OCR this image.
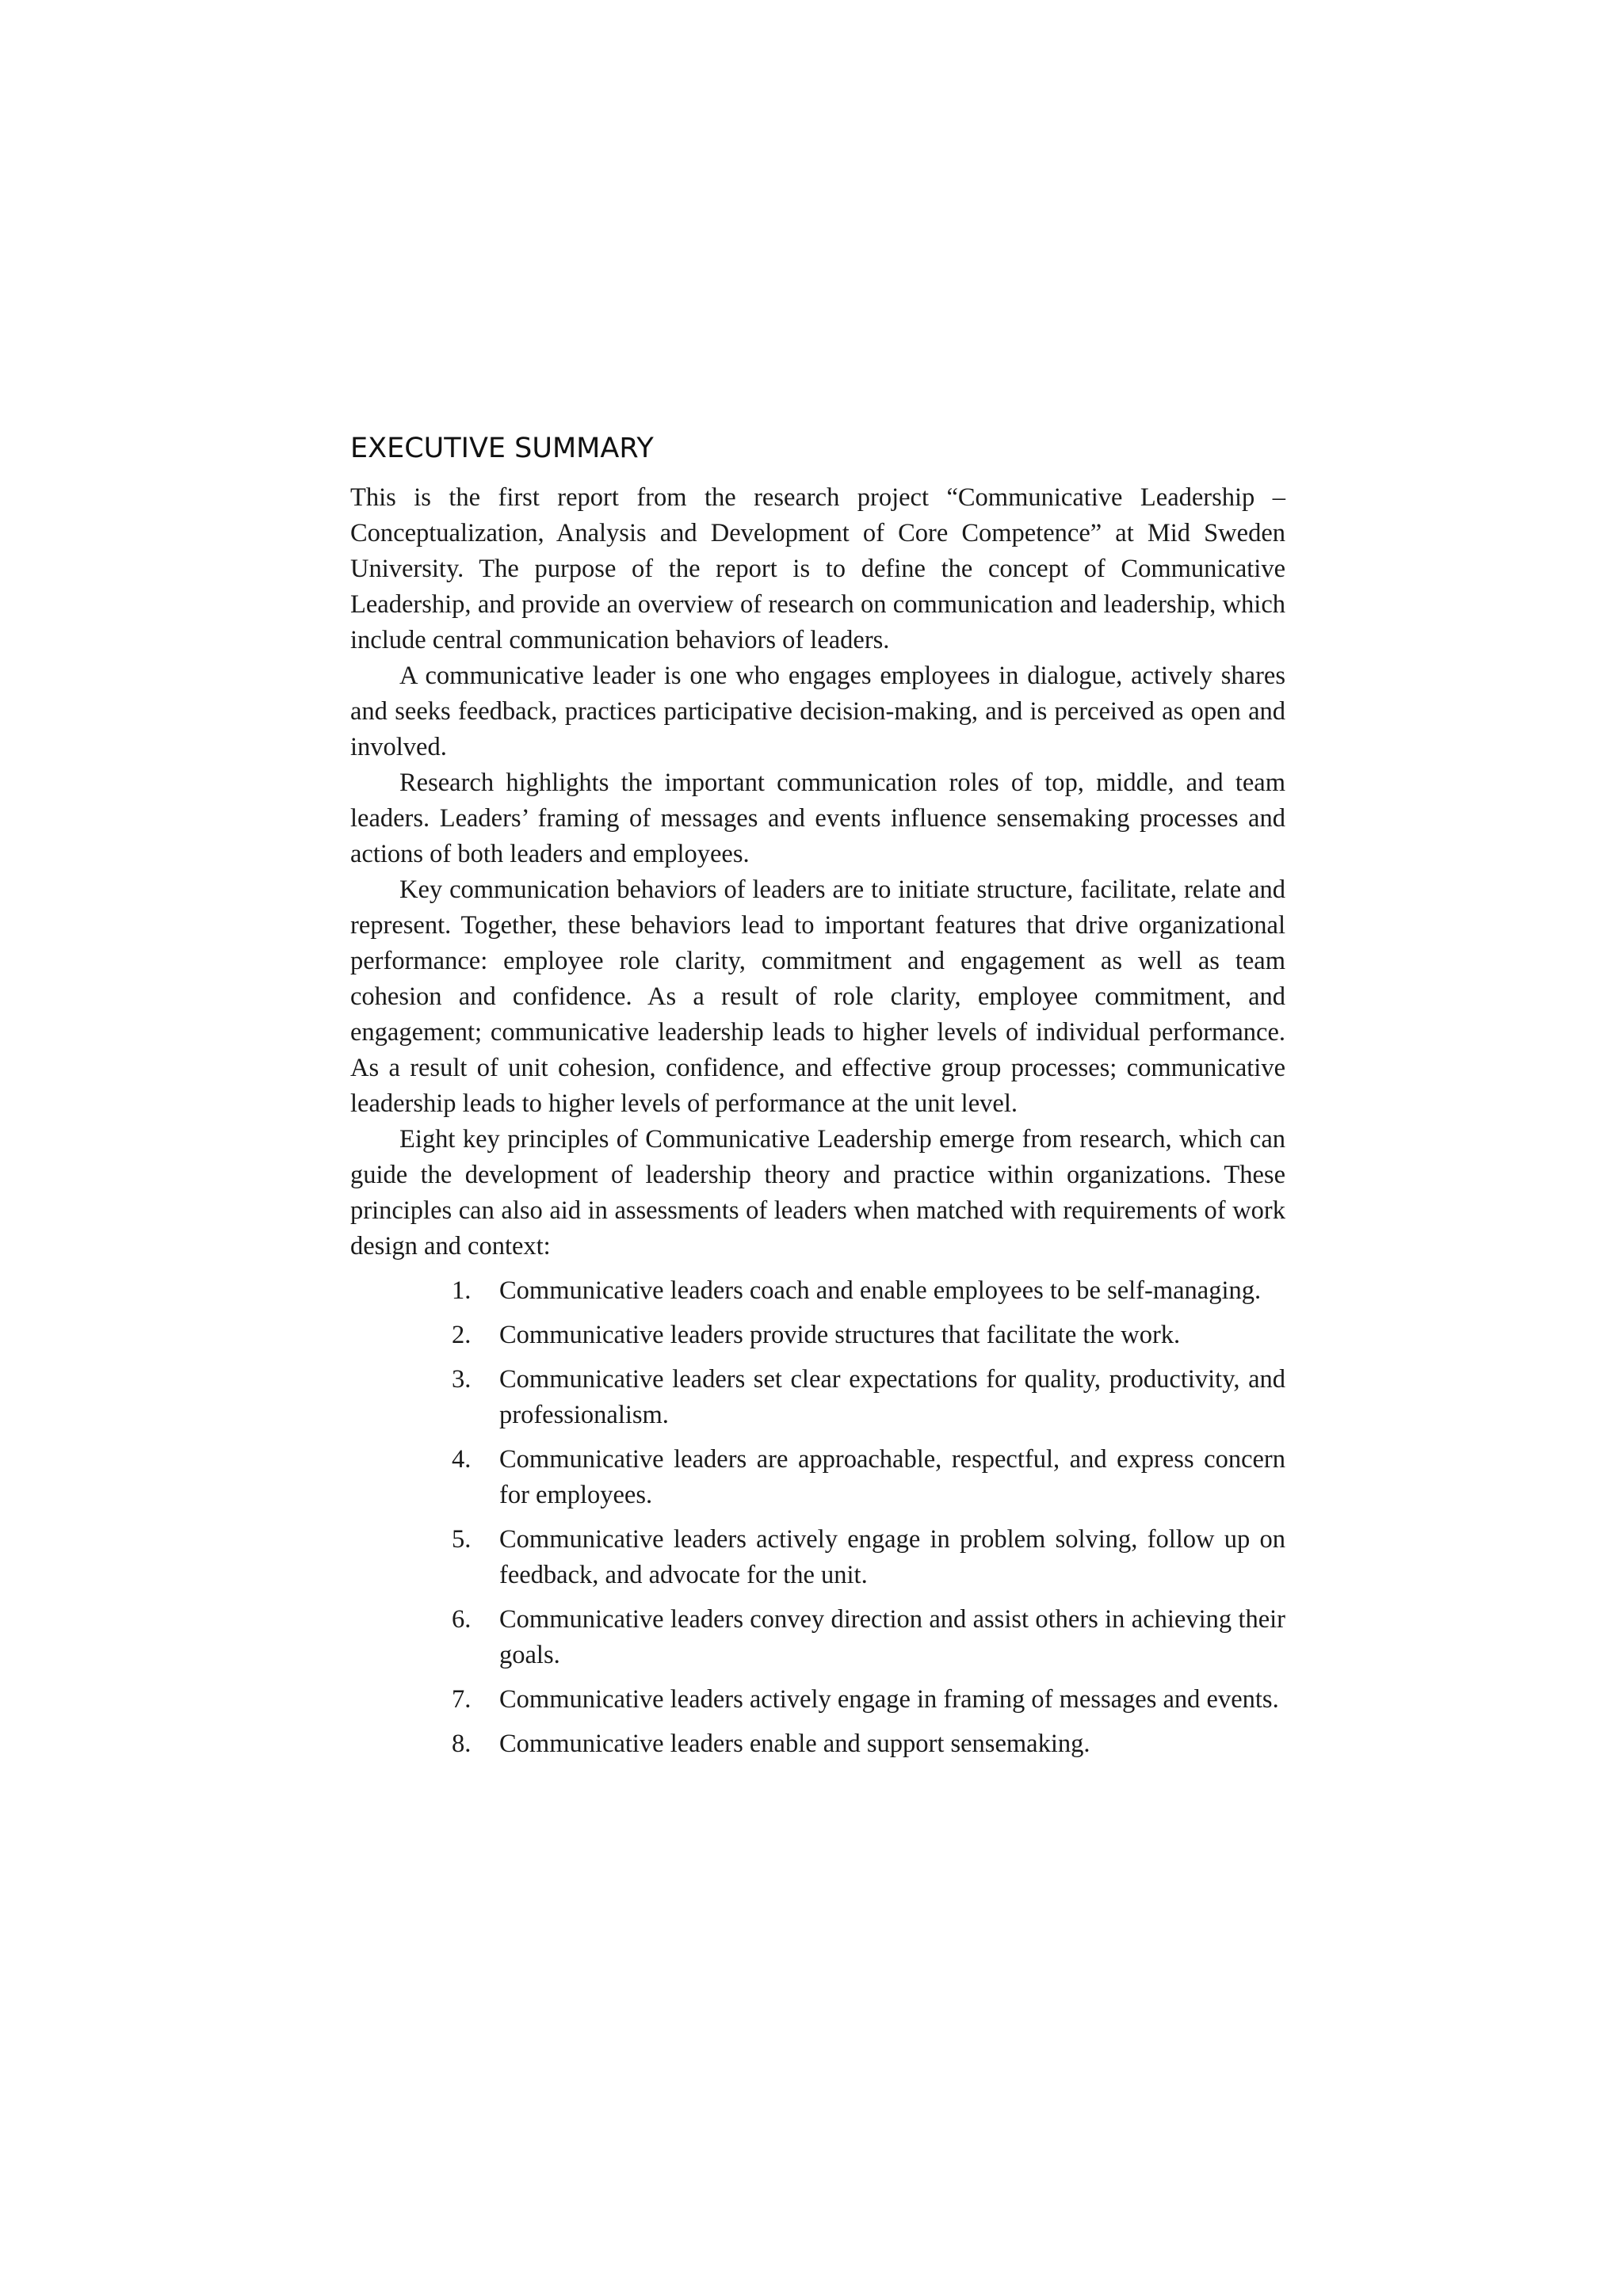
EXECUTIVE SUMMARY

This is the first report from the research project “Communicative Leadership – Conceptualization, Analysis and Development of Core Competence” at Mid Sweden University. The purpose of the report is to define the concept of Communicative Leadership, and provide an overview of research on communication and leadership, which include central communication behaviors of leaders.

A communicative leader is one who engages employees in dialogue, actively shares and seeks feedback, practices participative decision-making, and is perceived as open and involved.

Research highlights the important communication roles of top, middle, and team leaders. Leaders’ framing of messages and events influence sensemaking processes and actions of both leaders and employees.

Key communication behaviors of leaders are to initiate structure, facilitate, relate and represent. Together, these behaviors lead to important features that drive organizational performance: employee role clarity, commitment and engagement as well as team cohesion and confidence. As a result of role clarity, employee commitment, and engagement; communicative leadership leads to higher levels of individual performance. As a result of unit cohesion, confidence, and effective group processes; communicative leadership leads to higher levels of performance at the unit level.

Eight key principles of Communicative Leadership emerge from research, which can guide the development of leadership theory and practice within organizations. These principles can also aid in assessments of leaders when matched with requirements of work design and context:

1.	Communicative leaders coach and enable employees to be self-managing.
2.	Communicative leaders provide structures that facilitate the work.
3.	Communicative leaders set clear expectations for quality, productivity, and professionalism.
4.	Communicative leaders are approachable, respectful, and express concern for employees.
5.	Communicative leaders actively engage in problem solving, follow up on feedback, and advocate for the unit.
6.	Communicative leaders convey direction and assist others in achieving their goals.
7.	Communicative leaders actively engage in framing of messages and events.
8.	Communicative leaders enable and support sensemaking.
